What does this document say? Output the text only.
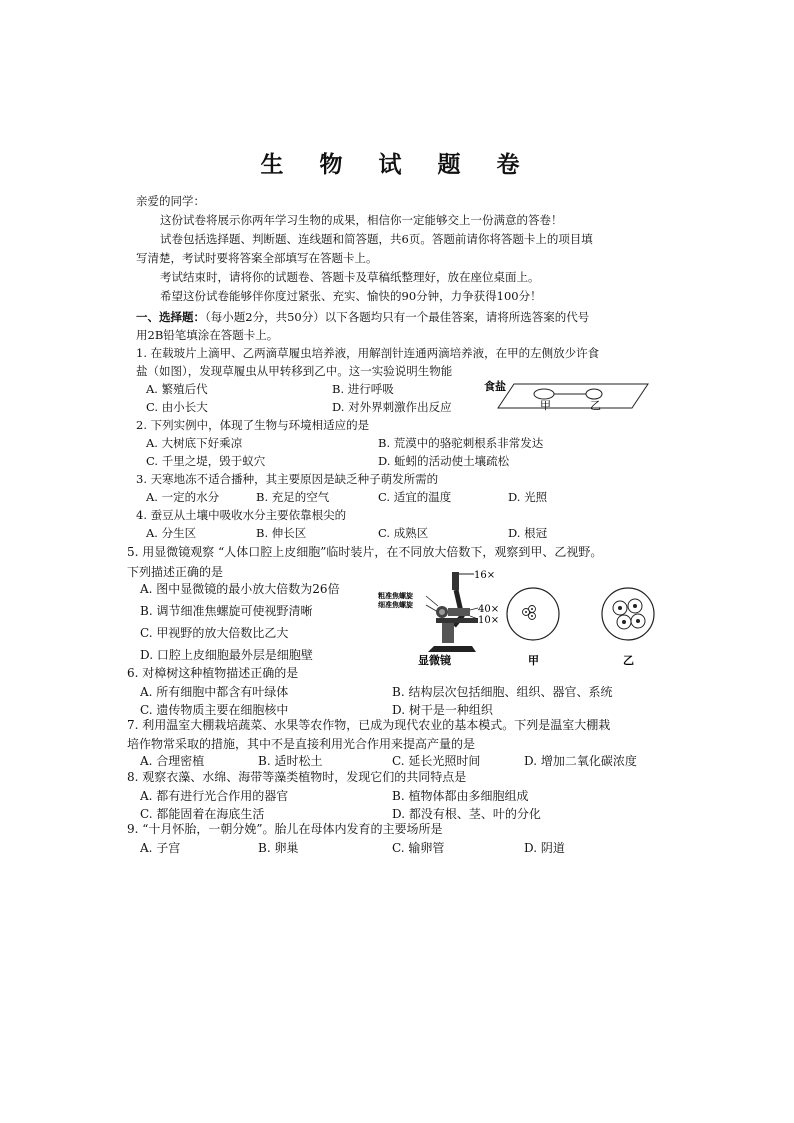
生 物 试 题 卷

亲爱的同学：

这份试卷将展示你两年学习生物的成果，相信你一定能够交上一份满意的答卷！

试卷包括选择题、判断题、连线题和简答题，共6页。答题前请你将答题卡上的项目填

写清楚，考试时要将答案全部填写在答题卡上。

考试结束时，请将你的试题卷、答题卡及草稿纸整理好，放在座位桌面上。

希望这份试卷能够伴你度过紧张、充实、愉快的90分钟，力争获得100分！

一、选择题：（每小题2分，共50分）以下各题均只有一个最佳答案，请将所选答案的代号

用2B铅笔填涂在答题卡上。

1. 在载玻片上滴甲、乙两滴草履虫培养液，用解剖针连通两滴培养液，在甲的左侧放少许食

盐（如图），发现草履虫从甲转移到乙中。这一实验说明生物能

A. 繁殖后代	B. 进行呼吸
C. 由小长大	D. 对外界刺激作出反应
食盐
甲	乙

2. 下列实例中，体现了生物与环境相适应的是

A. 大树底下好乘凉	B. 荒漠中的骆驼刺根系非常发达
C. 千里之堤，毁于蚁穴	D. 蚯蚓的活动使土壤疏松

3. 天寒地冻不适合播种，其主要原因是缺乏种子萌发所需的

A. 一定的水分	B. 充足的空气	C. 适宜的温度	D. 光照

4. 蚕豆从土壤中吸收水分主要依靠根尖的

A. 分生区	B. 伸长区	C. 成熟区	D. 根冠

5. 用显微镜观察 “人体口腔上皮细胞”临时装片，在不同放大倍数下，观察到甲、乙视野。

下列描述正确的是

A. 图中显微镜的最小放大倍数为26倍

B. 调节细准焦螺旋可使视野清晰

C. 甲视野的放大倍数比乙大

D. 口腔上皮细胞最外层是细胞壁

16×
粗准焦螺旋
细准焦螺旋	40×
10×
显微镜	甲	乙

6. 对樟树这种植物描述正确的是

A. 所有细胞中都含有叶绿体	B. 结构层次包括细胞、组织、器官、系统
C. 遗传物质主要在细胞核中	D. 树干是一种组织

7. 利用温室大棚栽培蔬菜、水果等农作物，已成为现代农业的基本模式。下列是温室大棚栽

培作物常采取的措施，其中不是直接利用光合作用来提高产量的是

A. 合理密植	B. 适时松土	C. 延长光照时间	D. 增加二氧化碳浓度

8. 观察衣藻、水绵、海带等藻类植物时，发现它们的共同特点是

A. 都有进行光合作用的器官	B. 植物体都由多细胞组成
C. 都能固着在海底生活	D. 都没有根、茎、叶的分化

9. “十月怀胎，一朝分娩”。胎儿在母体内发育的主要场所是

A. 子宫	B. 卵巢	C. 输卵管	D. 阴道
